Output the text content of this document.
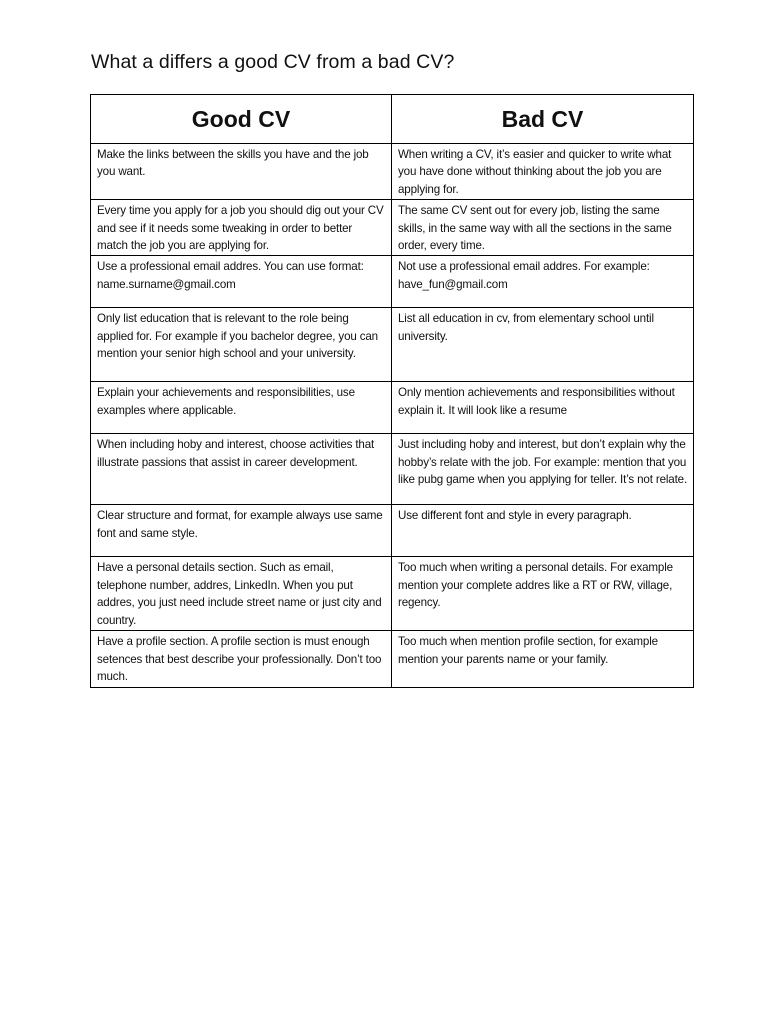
What a differs a good CV from a bad CV?
Good CV	Bad CV
Make the links between the skills you have and the job you want.	When writing a CV, it’s easier and quicker to write what you have done without thinking about the job you are applying for.
Every time you apply for a job you should dig out your CV and see if it needs some tweaking in order to better match the job you are applying for.	The same CV sent out for every job, listing the same skills, in the same way with all the sections in the same order, every time.
Use a professional email addres. You can use format: name.surname@gmail.com	Not use a professional email addres. For example: have_fun@gmail.com
Only list education that is relevant to the role being applied for. For example if you bachelor degree, you can mention your senior high school and your university.	List all education in cv, from elementary school until university.
Explain your achievements and responsibilities, use examples where applicable.	Only mention achievements and responsibilities without explain it. It will look like a resume
When including hoby and interest, choose activities that illustrate passions that assist in career development.	Just including hoby and interest, but don’t explain why the hobby’s relate with the job. For example: mention that you like pubg game when you applying for teller. It’s not relate.
Clear structure and format, for example always use same font and same style.	Use different font and style in every paragraph.
Have a personal details section. Such as email, telephone number, addres, LinkedIn. When you put addres, you just need include street name or just city and country.	Too much when writing a personal details. For example mention your complete addres like a RT or RW, village, regency.
Have a profile section. A profile section is must enough setences that best describe your professionally. Don’t too much.	Too much when mention profile section, for example mention your parents name or your family.
